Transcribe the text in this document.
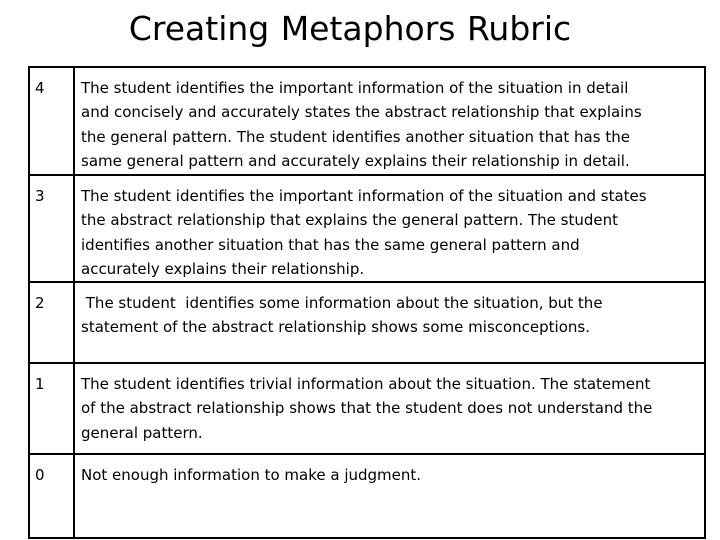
Creating Metaphors Rubric
4	The student identifies the important information of the situation in detail
and concisely and accurately states the abstract relationship that explains
the general pattern. The student identifies another situation that has the
same general pattern and accurately explains their relationship in detail.

3	The student identifies the important information of the situation and states
the abstract relationship that explains the general pattern. The student
identifies another situation that has the same general pattern and
accurately explains their relationship.

2	The student  identifies some information about the situation, but the
statement of the abstract relationship shows some misconceptions.

1	The student identifies trivial information about the situation. The statement
of the abstract relationship shows that the student does not understand the
general pattern.

0	Not enough information to make a judgment.
